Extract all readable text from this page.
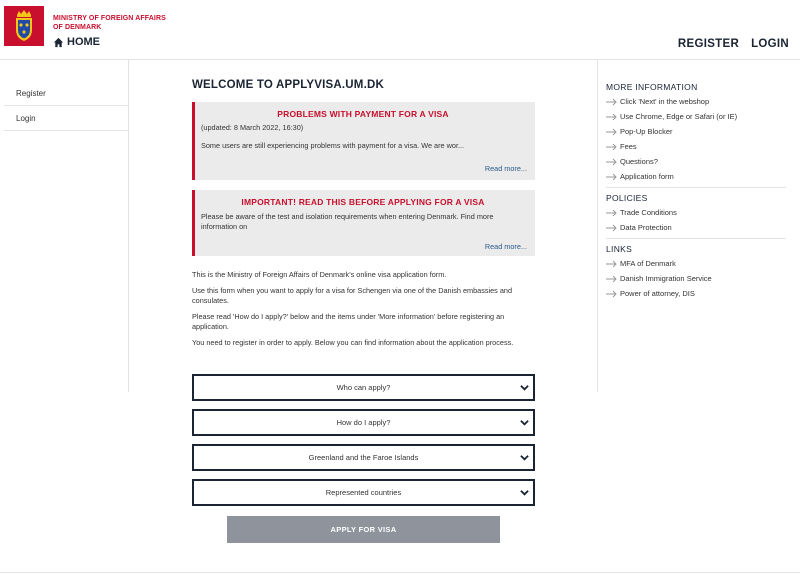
MINISTRY OF FOREIGN AFFAIRS
OF DENMARK
HOME	REGISTER LOGIN
Register
Login
WELCOME TO APPLYVISA.UM.DK
PROBLEMS WITH PAYMENT FOR A VISA
(updated: 8 March 2022, 16:30)
Some users are still experiencing problems with payment for a visa. We are wor...
Read more...
IMPORTANT! READ THIS BEFORE APPLYING FOR A VISA
Please be aware of the test and isolation requirements when entering Denmark. Find more information on
Read more...

This is the Ministry of Foreign Affairs of Denmark's online visa application form.

Use this form when you want to apply for a visa for Schengen via one of the Danish embassies and consulates.

Please read 'How do I apply?' below and the items under 'More information' before registering an application.

You need to register in order to apply. Below you can find information about the application process.

Who can apply?
How do I apply?
Greenland and the Faroe Islands
Represented countries
APPLY FOR VISA
MORE INFORMATION
Click 'Next' in the webshop
Use Chrome, Edge or Safari (or IE)
Pop-Up Blocker
Fees
Questions?
Application form
POLICIES
Trade Conditions
Data Protection
LINKS
MFA of Denmark
Danish Immigration Service
Power of attorney, DIS
